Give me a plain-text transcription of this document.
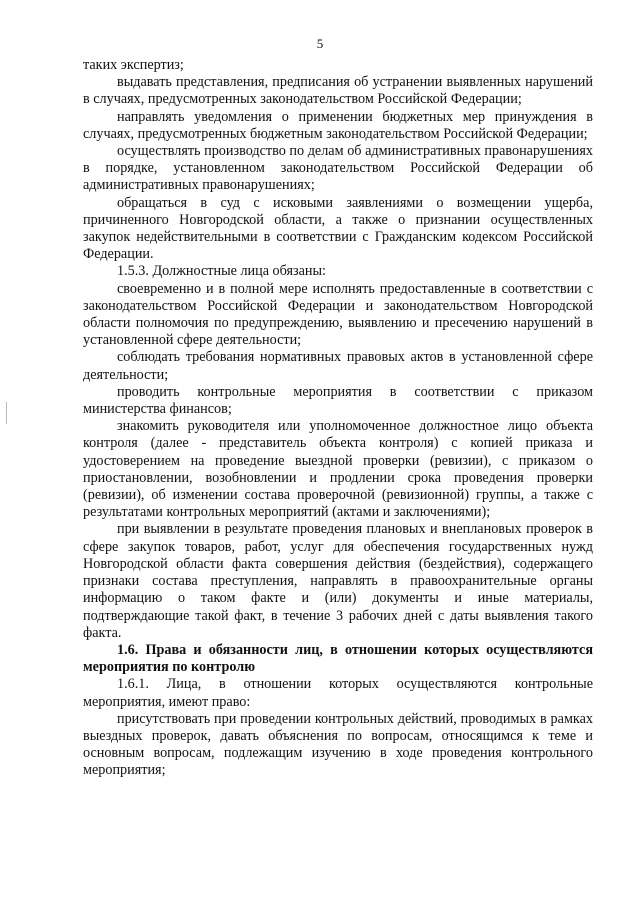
5

таких экспертиз;

выдавать представления, предписания об устранении выявленных нарушений в случаях, предусмотренных законодательством Российской Федерации;

направлять уведомления о применении бюджетных мер принуждения в случаях, предусмотренных бюджетным законодательством Российской Федерации;

осуществлять производство по делам об административных правонарушениях в порядке, установленном законодательством Российской Федерации об административных правонарушениях;

обращаться в суд с исковыми заявлениями о возмещении ущерба, причиненного Новгородской области, а также о признании осуществленных закупок недействительными в соответствии с Гражданским кодексом Российской Федерации.

1.5.3. Должностные лица обязаны:

своевременно и в полной мере исполнять предоставленные в соответствии с законодательством Российской Федерации и законодательством Новгородской области полномочия по предупреждению, выявлению и пресечению нарушений в установленной сфере деятельности;

соблюдать требования нормативных правовых актов в установленной сфере деятельности;

проводить контрольные мероприятия в соответствии с приказом министерства финансов;

знакомить руководителя или уполномоченное должностное лицо объекта контроля (далее - представитель объекта контроля) с копией приказа и удостоверением на проведение выездной проверки (ревизии), с приказом о приостановлении, возобновлении и продлении срока проведения проверки (ревизии), об изменении состава проверочной (ревизионной) группы, а также с результатами контрольных мероприятий (актами и заключениями);

при выявлении в результате проведения плановых и внеплановых проверок в сфере закупок товаров, работ, услуг для обеспечения государственных нужд Новгородской области факта совершения действия (бездействия), содержащего признаки состава преступления, направлять в правоохранительные органы информацию о таком факте и (или) документы и иные материалы, подтверждающие такой факт, в течение 3 рабочих дней с даты выявления такого факта.

1.6. Права и обязанности лиц, в отношении которых осуществляются мероприятия по контролю

1.6.1. Лица, в отношении которых осуществляются контрольные мероприятия, имеют право:

присутствовать при проведении контрольных действий, проводимых в рамках выездных проверок, давать объяснения по вопросам, относящимся к теме и основным вопросам, подлежащим изучению в ходе проведения контрольного мероприятия;
